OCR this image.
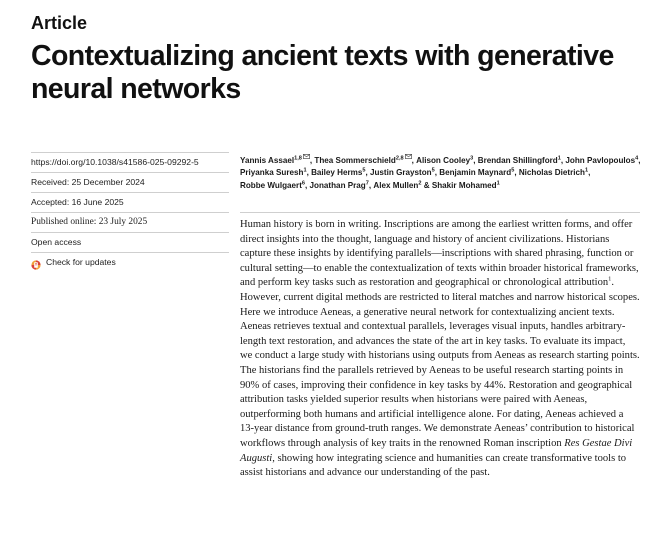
Article
Contextualizing ancient texts with generative neural networks
https://doi.org/10.1038/s41586-025-09292-5
Received: 25 December 2024
Accepted: 16 June 2025
Published online: 23 July 2025
Open access
Check for updates
Yannis Assael$^{1,8}$ , Thea Sommerschield$^{2,8}$ , Alison Cooley$^3$, Brendan Shillingford$^1$, John Pavlopoulos$^4$, Priyanka Suresh$^1$, Bailey Herms$^5$, Justin Grayston$^5$, Benjamin Maynard$^5$, Nicholas Dietrich$^1$, Robbe Wulgaert$^6$, Jonathan Prag$^7$, Alex Mullen$^2$ & Shakir Mohamed$^1$

Human history is born in writing. Inscriptions are among the earliest written forms, and offer direct insights into the thought, language and history of ancient civilizations. Historians capture these insights by identifying parallels—inscriptions with shared phrasing, function or cultural setting—to enable the contextualization of texts within broader historical frameworks, and perform key tasks such as restoration and geographical or chronological attribution$^1$. However, current digital methods are restricted to literal matches and narrow historical scopes. Here we introduce Aeneas, a generative neural network for contextualizing ancient texts. Aeneas retrieves textual and contextual parallels, leverages visual inputs, handles arbitrary-length text restoration, and advances the state of the art in key tasks. To evaluate its impact, we conduct a large study with historians using outputs from Aeneas as research starting points. The historians find the parallels retrieved by Aeneas to be useful research starting points in 90% of cases, improving their confidence in key tasks by 44%. Restoration and geographical attribution tasks yielded superior results when historians were paired with Aeneas, outperforming both humans and artificial intelligence alone. For dating, Aeneas achieved a 13-year distance from ground-truth ranges. We demonstrate Aeneas’ contribution to historical workflows through analysis of key traits in the renowned Roman inscription Res Gestae Divi Augusti, showing how integrating science and humanities can create transformative tools to assist historians and advance our understanding of the past.
